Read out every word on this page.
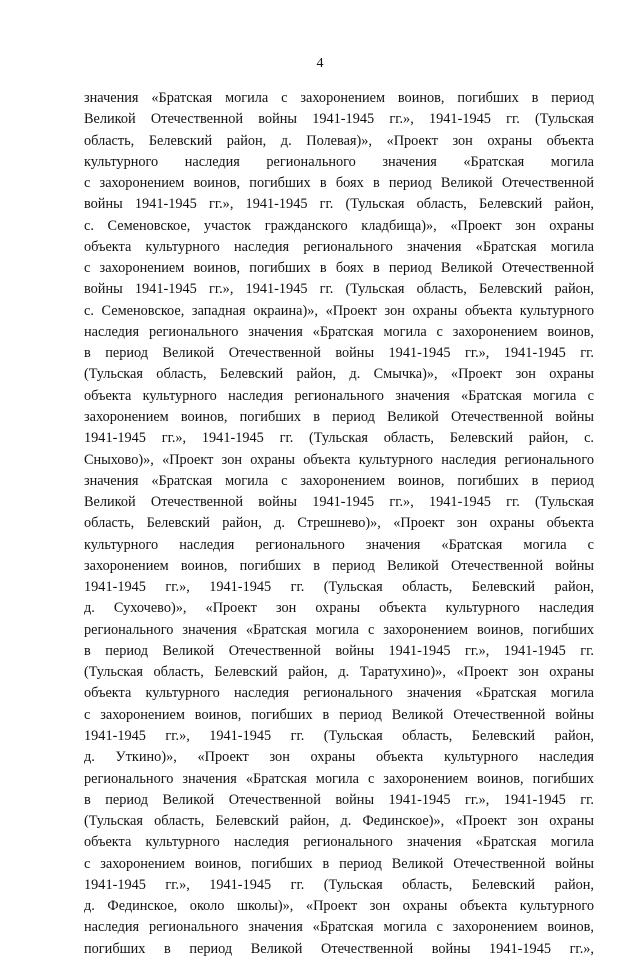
4
значения «Братская могила с захоронением воинов, погибших в период
Великой Отечественной войны 1941-1945 гг.», 1941-1945 гг. (Тульская
область, Белевский район, д. Полевая)», «Проект зон охраны объекта
культурного наследия регионального значения «Братская могила
с захоронением воинов, погибших в боях в период Великой Отечественной
войны 1941-1945 гг.», 1941-1945 гг. (Тульская область, Белевский район,
с. Семеновское, участок гражданского кладбища)», «Проект зон охраны
объекта культурного наследия регионального значения «Братская могила
с захоронением воинов, погибших в боях в период Великой Отечественной
войны 1941-1945 гг.», 1941-1945 гг. (Тульская область, Белевский район,
с. Семеновское, западная окраина)», «Проект зон охраны объекта культурного
наследия регионального значения «Братская могила с захоронением воинов,
в период Великой Отечественной войны 1941-1945 гг.», 1941-1945 гг.
(Тульская область, Белевский район, д. Смычка)», «Проект зон охраны
объекта культурного наследия регионального значения «Братская могила с
захоронением воинов, погибших в период Великой Отечественной войны
1941-1945 гг.», 1941-1945 гг. (Тульская область, Белевский район, с.
Сныхово)», «Проект зон охраны объекта культурного наследия регионального
значения «Братская могила с захоронением воинов, погибших в период
Великой Отечественной войны 1941-1945 гг.», 1941-1945 гг. (Тульская
область, Белевский район, д. Стрешнево)», «Проект зон охраны объекта
культурного наследия регионального значения «Братская могила с
захоронением воинов, погибших в период Великой Отечественной войны
1941-1945 гг.», 1941-1945 гг. (Тульская область, Белевский район,
д. Сухочево)», «Проект зон охраны объекта культурного наследия
регионального значения «Братская могила с захоронением воинов, погибших
в период Великой Отечественной войны 1941-1945 гг.», 1941-1945 гг.
(Тульская область, Белевский район, д. Таратухино)», «Проект зон охраны
объекта культурного наследия регионального значения «Братская могила
с захоронением воинов, погибших в период Великой Отечественной войны
1941-1945 гг.», 1941-1945 гг. (Тульская область, Белевский район,
д. Уткино)», «Проект зон охраны объекта культурного наследия
регионального значения «Братская могила с захоронением воинов, погибших
в период Великой Отечественной войны 1941-1945 гг.», 1941-1945 гг.
(Тульская область, Белевский район, д. Фединское)», «Проект зон охраны
объекта культурного наследия регионального значения «Братская могила
с захоронением воинов, погибших в период Великой Отечественной войны
1941-1945 гг.», 1941-1945 гг. (Тульская область, Белевский район,
д. Фединское, около школы)», «Проект зон охраны объекта культурного
наследия регионального значения «Братская могила с захоронением воинов,
погибших в период Великой Отечественной войны 1941-1945 гг.»,
